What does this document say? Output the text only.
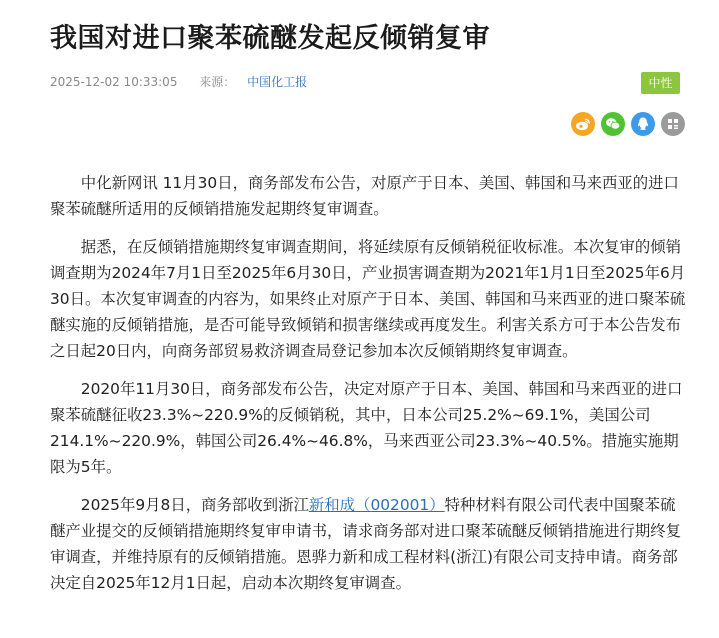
我国对进口聚苯硫醚发起反倾销复审
2025-12-02 10:33:05 来源： 中国化工报	中性

中化新网讯 11月30日，商务部发布公告，对原产于日本、美国、韩国和马来西亚的进口聚苯硫醚所适用的反倾销措施发起期终复审调查。

据悉，在反倾销措施期终复审调查期间，将延续原有反倾销税征收标准。本次复审的倾销调查期为2024年7月1日至2025年6月30日，产业损害调查期为2021年1月1日至2025年6月30日。本次复审调查的内容为，如果终止对原产于日本、美国、韩国和马来西亚的进口聚苯硫醚实施的反倾销措施，是否可能导致倾销和损害继续或再度发生。利害关系方可于本公告发布之日起20日内，向商务部贸易救济调查局登记参加本次反倾销期终复审调查。

2020年11月30日，商务部发布公告，决定对原产于日本、美国、韩国和马来西亚的进口聚苯硫醚征收23.3%~220.9%的反倾销税，其中，日本公司25.2%~69.1%，美国公司214.1%~220.9%，韩国公司26.4%~46.8%，马来西亚公司23.3%~40.5%。措施实施期限为5年。

2025年9月8日，商务部收到浙江新和成（002001）特种材料有限公司代表中国聚苯硫醚产业提交的反倾销措施期终复审申请书，请求商务部对进口聚苯硫醚反倾销措施进行期终复审调查，并维持原有的反倾销措施。恩骅力新和成工程材料(浙江)有限公司支持申请。商务部决定自2025年12月1日起，启动本次期终复审调查。
